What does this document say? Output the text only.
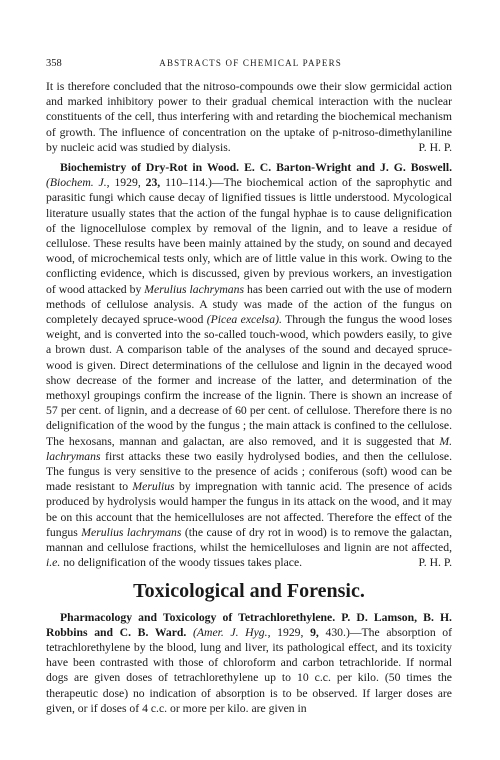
358	ABSTRACTS OF CHEMICAL PAPERS

It is therefore concluded that the nitroso-compounds owe their slow germicidal action and marked inhibitory power to their gradual chemical interaction with the nuclear constituents of the cell, thus interfering with and retarding the biochemical mechanism of growth. The influence of concentration on the uptake of p-nitroso-dimethylaniline by nucleic acid was studied by dialysis.	P. H. P.

Biochemistry of Dry-Rot in Wood. E. C. Barton-Wright and J. G. Boswell. (Biochem. J., 1929, 23, 110–114.)—The biochemical action of the saprophytic and parasitic fungi which cause decay of lignified tissues is little understood. Mycological literature usually states that the action of the fungal hyphae is to cause delignification of the lignocellulose complex by removal of the lignin, and to leave a residue of cellulose. These results have been mainly attained by the study, on sound and decayed wood, of microchemical tests only, which are of little value in this work. Owing to the conflicting evidence, which is discussed, given by previous workers, an investigation of wood attacked by Merulius lachrymans has been carried out with the use of modern methods of cellulose analysis. A study was made of the action of the fungus on completely decayed spruce-wood (Picea excelsa). Through the fungus the wood loses weight, and is converted into the so-called touch-wood, which powders easily, to give a brown dust. A comparison table of the analyses of the sound and decayed spruce-wood is given. Direct determinations of the cellulose and lignin in the decayed wood show decrease of the former and increase of the latter, and determination of the methoxyl groupings confirm the increase of the lignin. There is shown an increase of 57 per cent. of lignin, and a decrease of 60 per cent. of cellulose. Therefore there is no delignification of the wood by the fungus ; the main attack is confined to the cellulose. The hexosans, mannan and galactan, are also removed, and it is suggested that M. lachrymans first attacks these two easily hydrolysed bodies, and then the cellulose. The fungus is very sensitive to the presence of acids ; coniferous (soft) wood can be made resistant to Merulius by impregnation with tannic acid. The presence of acids produced by hydrolysis would hamper the fungus in its attack on the wood, and it may be on this account that the hemicelluloses are not affected. Therefore the effect of the fungus Merulius lachrymans (the cause of dry rot in wood) is to remove the galactan, mannan and cellulose fractions, whilst the hemicelluloses and lignin are not affected, i.e. no delignification of the woody tissues takes place.	P. H. P.

Toxicological and Forensic.

Pharmacology and Toxicology of Tetrachlorethylene. P. D. Lamson, B. H. Robbins and C. B. Ward. (Amer. J. Hyg., 1929, 9, 430.)—The absorption of tetrachlorethylene by the blood, lung and liver, its pathological effect, and its toxicity have been contrasted with those of chloroform and carbon tetrachloride. If normal dogs are given doses of tetrachlorethylene up to 10 c.c. per kilo. (50 times the therapeutic dose) no indication of absorption is to be observed. If larger doses are given, or if doses of 4 c.c. or more per kilo. are given in
